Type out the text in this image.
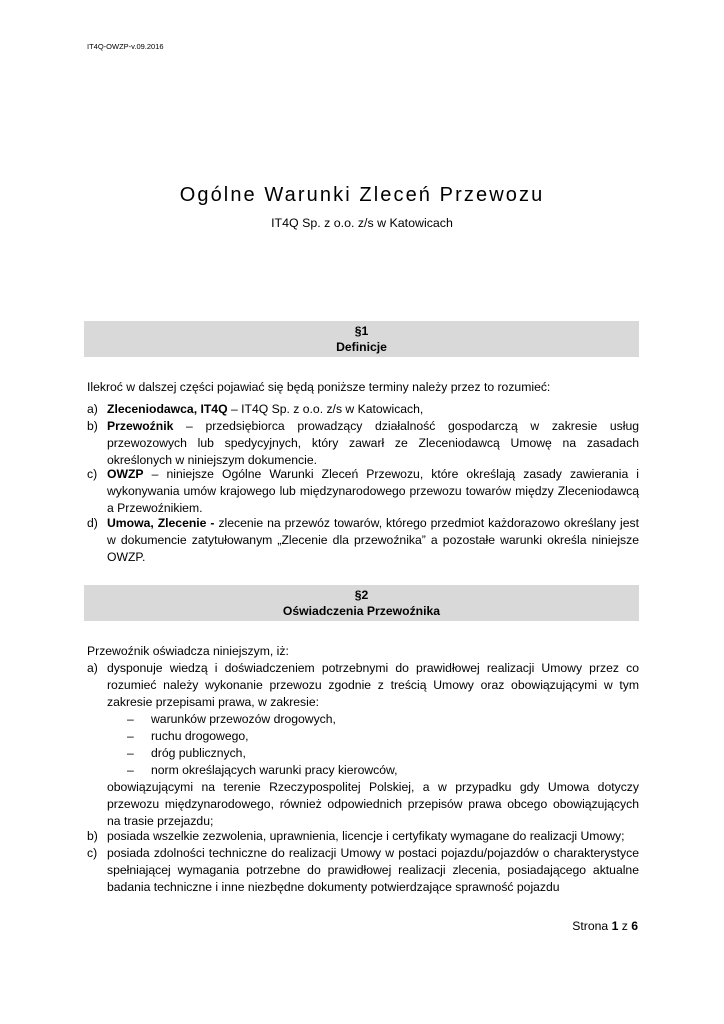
IT4Q-OWZP-v.09.2016
Ogólne Warunki Zleceń Przewozu
IT4Q Sp. z o.o. z/s w Katowicach
§1
Definicje
Ilekroć w dalszej części pojawiać się będą poniższe terminy należy przez to rozumieć:
a) Zleceniodawca, IT4Q – IT4Q Sp. z o.o. z/s w Katowicach,
b) Przewoźnik – przedsiębiorca prowadzący działalność gospodarczą w zakresie usług przewozowych lub spedycyjnych, który zawarł ze Zleceniodawcą Umowę na zasadach określonych w niniejszym dokumencie.
c) OWZP – niniejsze Ogólne Warunki Zleceń Przewozu, które określają zasady zawierania i wykonywania umów krajowego lub międzynarodowego przewozu towarów między Zleceniodawcą a Przewoźnikiem.
d) Umowa, Zlecenie - zlecenie na przewóz towarów, którego przedmiot każdorazowo określany jest w dokumencie zatytułowanym „Zlecenie dla przewoźnika” a pozostałe warunki określa niniejsze OWZP.
§2
Oświadczenia Przewoźnika
Przewoźnik oświadcza niniejszym, iż:
a) dysponuje wiedzą i doświadczeniem potrzebnymi do prawidłowej realizacji Umowy przez co rozumieć należy wykonanie przewozu zgodnie z treścią Umowy oraz obowiązującymi w tym zakresie przepisami prawa, w zakresie:
– warunków przewozów drogowych,
– ruchu drogowego,
– dróg publicznych,
– norm określających warunki pracy kierowców,
obowiązującymi na terenie Rzeczypospolitej Polskiej, a w przypadku gdy Umowa dotyczy przewozu międzynarodowego, również odpowiednich przepisów prawa obcego obowiązujących na trasie przejazdu;
b) posiada wszelkie zezwolenia, uprawnienia, licencje i certyfikaty wymagane do realizacji Umowy;
c) posiada zdolności techniczne do realizacji Umowy w postaci pojazdu/pojazdów o charakterystyce spełniającej wymagania potrzebne do prawidłowej realizacji zlecenia, posiadającego aktualne badania techniczne i inne niezbędne dokumenty potwierdzające sprawność pojazdu
Strona 1 z 6
